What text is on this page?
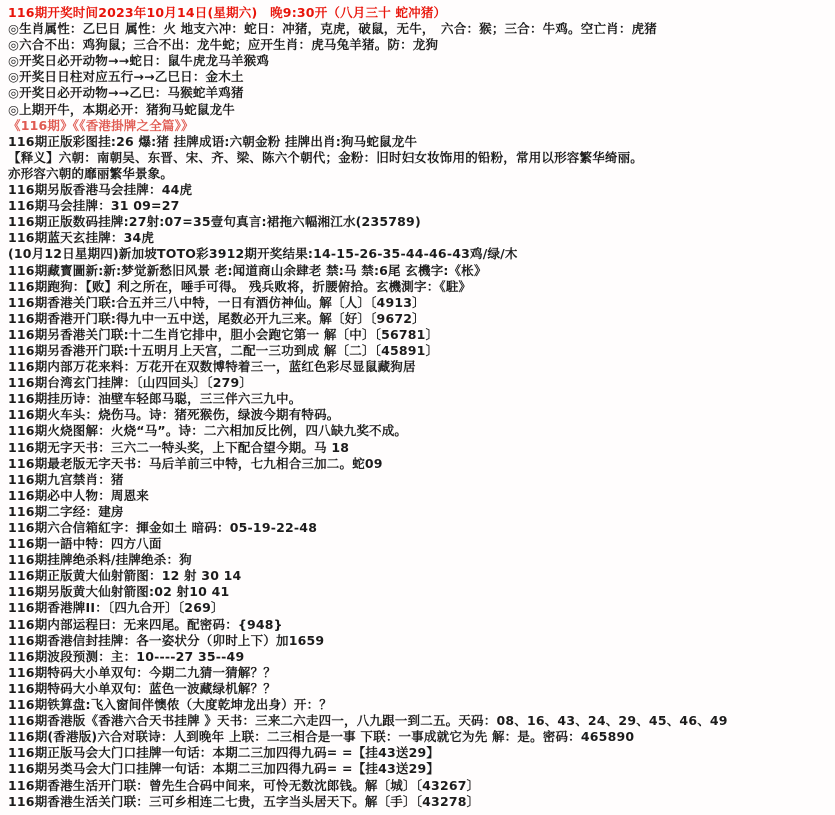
116期开奖时间2023年10月14日(星期六)　晚9:30开（八月三十 蛇冲猪）
◎生肖属性：乙巳日 属性：火 地支六冲：蛇日：冲猪，克虎，破鼠，无牛，　六合：猴；三合：牛鸡。空亡肖：虎猪
◎六合不出：鸡狗鼠；三合不出：龙牛蛇；应开生肖：虎马兔羊猪。防：龙狗
◎开奖日必开动物→→蛇日：鼠牛虎龙马羊猴鸡
◎开奖日日柱对应五行→→乙巳日：金木土
◎开奖日必开动物→→乙巳：马猴蛇羊鸡猪
◎上期开牛，本期必开：猪狗马蛇鼠龙牛
《116期》《《香港掛牌之全篇》》
116期正版彩图挂:26 爆:猪 挂牌成语:六朝金粉 挂牌出肖:狗马蛇鼠龙牛
【释义】六朝：南朝吴、东晋、宋、齐、梁、陈六个朝代；金粉：旧时妇女妆饰用的铅粉，常用以形容繁华绮丽。
亦形容六朝的靡丽繁华景象。
116期另版香港马会挂牌：44虎
116期马会挂牌：31 09=27
116期正版数码挂牌:27射:07=35壹句真言:裙拖六幅湘江水(235789)
116期蓝天玄挂牌：34虎
(10月12日星期四)新加坡TOTO彩3912期开奖结果:14-15-26-35-44-46-43鸡/绿/木
116期藏寳圖新:新:梦觉新愁旧风景 老:闻道商山余肆老 禁:马 禁:6尾 玄機字:《枨》
116期跑狗：【败】利之所在，唾手可得。 残兵败将，折腰俯拾。玄機測字：《駐》
116期香港关门联:合五并三八中特，一日有酒仿神仙。解〔人〕〔4913〕
116期香港开门联:得九中一五中送，尾数必开九三来。解〔好〕〔9672〕
116期另香港关门联:十二生肖它排中，胆小会跑它第一 解〔中〕〔56781〕
116期另香港开门联:十五明月上天宫，二配一三功到成 解〔二〕〔45891〕
116期内部万花来料：万花开在双数博特着三一，蓝红色彩尽显鼠藏狗居
116期台湾玄门挂牌：〔山四回头〕〔279〕
116期挂历诗：油壁车轻郎马聪，三三伴六三九中。
116期火车头：烧伤马。诗：猪死猴伤，绿波今期有特码。
116期火烧图解：火烧“马”。诗：二六相加反比例，四八缺九奖不成。
116期无字天书：三六二一特头奖，上下配合望今期。马 18
116期最老版无字天书：马后羊前三中特，七九相合三加二。蛇09
116期九宫禁肖：猪
116期必中人物：周恩来
116期二字经：建房
116期六合信箱紅字：揮金如土 暗码：05-19-22-48
116期一語中特：四方八面
116期挂牌绝杀料/挂牌绝杀：狗
116期正版黄大仙射箭图：12 射 30 14
116期另版黄大仙射箭图:02 射10 41
116期香港牌II：〔四九合开〕〔269〕
116期内部运程曰：无来四尾。配密码：{948}
116期香港信封挂牌：各一姿状分（卯时上下）加1659
116期波段预测：主：10----27 35--49
116期特码大小单双句：今期二九猜一猜解？？
116期特码大小单双句：蓝色一波藏绿机解？？
116期铁算盘:飞入窗间伴懊侬（大度乾坤龙出身）开：？
116期香港版《香港六合天书挂牌 》天书：三来二六走四一，八九跟一到二五。天码：08、16、43、24、29、45、46、49
116期(香港版)六合对联诗：人到晚年 上联：二三相合是一事 下联：一事成就它为先 解：是。密码：465890
116期正版马会大门口挂牌一句话：本期二三加四得九码= =【挂43送29】
116期另类马会大门口挂牌一句话：本期二三加四得九码= =【挂43送29】
116期香港生活开门联：曾先生合码中间来，可怜无数沈郎钱。解〔城〕〔43267〕
116期香港生活关门联：三可乡相连二七贵，五字当头居天下。解〔手〕〔43278〕
